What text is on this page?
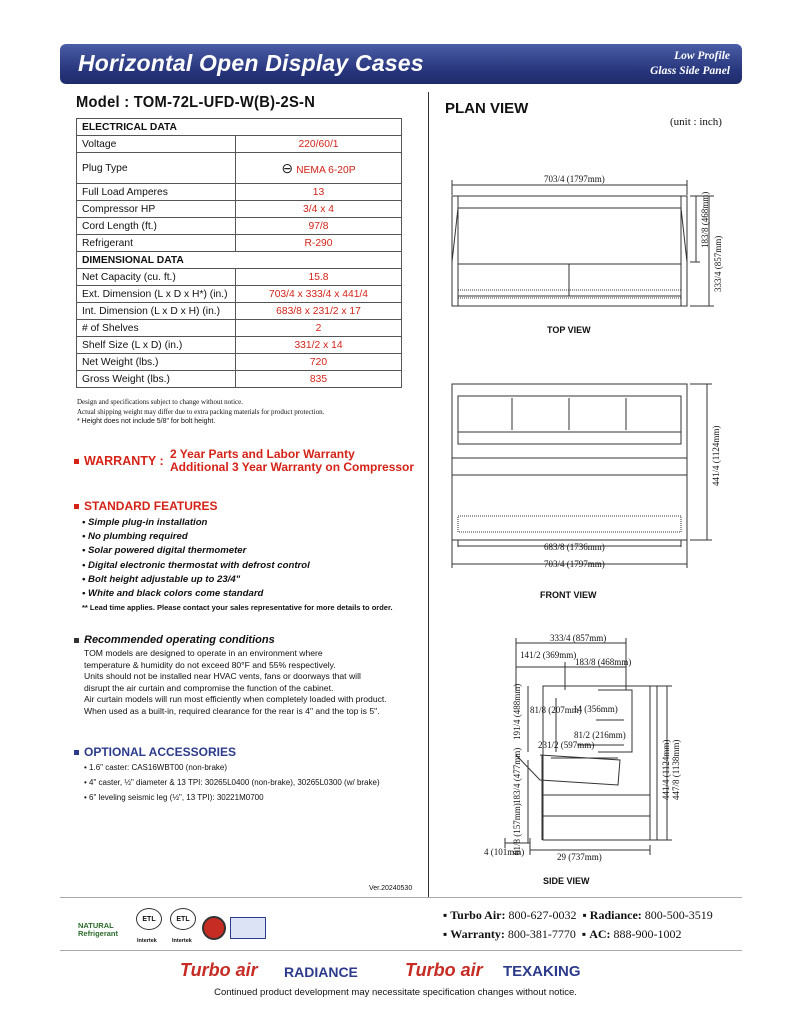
Horizontal Open Display Cases	Low Profile
Glass Side Panel
Model : TOM-72L-UFD-W(B)-2S-N	PLAN VIEW
(unit : inch)
ELECTRICAL DATA	
Voltage	220/60/1
Plug Type	⊖ NEMA 6-20P
Full Load Amperes	13
Compressor HP	3/4 x 4
Cord Length (ft.)	97/8
Refrigerant	R-290
DIMENSIONAL DATA	
Net Capacity (cu. ft.)	15.8
Ext. Dimension (L x D x H*) (in.)	703/4 x 333/4 x 441/4
Int. Dimension (L x D x H) (in.)	683/8 x 231/2 x 17
# of Shelves	2
Shelf Size (L x D) (in.)	331/2 x 14
Net Weight (lbs.)	720
Gross Weight (lbs.)	835
Design and specifications subject to change without notice.
Actual shipping weight may differ due to extra packing materials for product protection.
* Height does not include 5/8" for bolt height.
WARRANTY : 2 Year Parts and Labor Warranty
Additional 3 Year Warranty on Compressor
STANDARD FEATURES
• Simple plug-in installation
• No plumbing required
• Solar powered digital thermometer
• Digital electronic thermostat with defrost control
• Bolt height adjustable up to 23/4"
• White and black colors come standard
** Lead time applies. Please contact your sales representative for more details to order.
Recommended operating conditions
TOM models are designed to operate in an environment where
temperature & humidity do not exceed 80°F and 55% respectively.
Units should not be installed near HVAC vents, fans or doorways that will
disrupt the air curtain and compromise the function of the cabinet.
Air curtain models will run most efficiently when completely loaded with product.
When used as a built-in, required clearance for the rear is 4" and the top is 5".
OPTIONAL ACCESSORIES
• 1.6" caster: CAS16WBT00 (non-brake)
• 4" caster, ½" diameter & 13 TPI: 30265L0400 (non-brake), 30265L0300 (w/ brake)
• 6" leveling seismic leg (½", 13 TPI): 30221M0700
Ver.20240530
TOP VIEW
FRONT VIEW
SIDE VIEW
703/4 (1797mm)
183/8 (468mm)
333/4 (857mm)
441/4 (1124mm)
683/8 (1736mm)
703/4 (1797mm)
333/4 (857mm)
141/2 (369mm)
183/8 (468mm)
81/8 (207mm)
14 (356mm)
81/2 (216mm)
231/2 (597mm)
191/4 (488mm)
183/4 (477mm)
61/8 (157mm)
4 (101mm)	29 (737mm)
441/4 (1124mm) 447/8 (1138mm)
NATURAL Refrigerant
ETL
Intertek
ETL
Intertek
▪ Turbo Air: 800-627-0032  ▪ Radiance: 800-500-3519
▪ Warranty: 800-381-7770  ▪ AC: 888-900-1002
Turbo air RADIANCE	Turbo air TEXAKING
Continued product development may necessitate specification changes without notice.
